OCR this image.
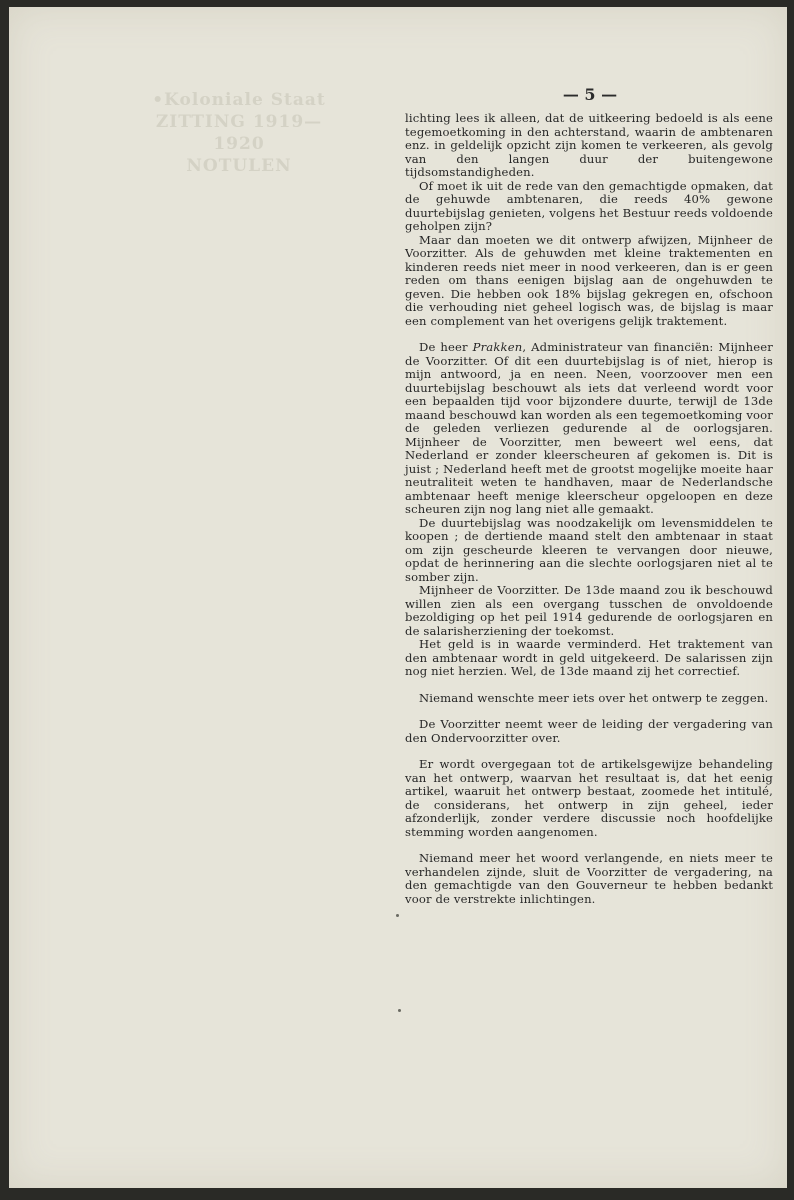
•Koloniale Staat
ZITTING 1919—1920
NOTULEN
— 5 —

lichting lees ik alleen, dat de uitkeering bedoeld is als eene tegemoetkoming in den achterstand, waarin de ambtenaren enz. in geldelijk opzicht zijn komen te verkeeren, als gevolg van den langen duur der buitengewone tijdsomstandigheden.

Of moet ik uit de rede van den gemachtigde opmaken, dat de gehuwde ambtenaren, die reeds 40% gewone duurtebijslag genieten, volgens het Bestuur reeds voldoende geholpen zijn?

Maar dan moeten we dit ontwerp afwijzen, Mijnheer de Voorzitter. Als de gehuwden met kleine traktementen en kinderen reeds niet meer in nood verkeeren, dan is er geen reden om thans eenigen bijslag aan de ongehuwden te geven. Die hebben ook 18% bijslag gekregen en, ofschoon die verhouding niet geheel logisch was, de bijslag is maar een complement van het overigens gelijk traktement.

De heer Prakken, Administrateur van financiën: Mijnheer de Voorzitter. Of dit een duurtebijslag is of niet, hierop is mijn antwoord, ja en neen. Neen, voorzoover men een duurtebijslag beschouwt als iets dat verleend wordt voor een bepaalden tijd voor bijzondere duurte, terwijl de 13de maand beschouwd kan worden als een tegemoetkoming voor de geleden verliezen gedurende al de oorlogsjaren. Mijnheer de Voorzitter, men beweert wel eens, dat Nederland er zonder kleerscheuren af gekomen is. Dit is juist ; Nederland heeft met de grootst mogelijke moeite haar neutraliteit weten te handhaven, maar de Nederlandsche ambtenaar heeft menige kleerscheur opgeloopen en deze scheuren zijn nog lang niet alle gemaakt.

De duurtebijslag was noodzakelijk om levensmiddelen te koopen ; de dertiende maand stelt den ambtenaar in staat om zijn gescheurde kleeren te vervangen door nieuwe, opdat de herinnering aan die slechte oorlogsjaren niet al te somber zijn.

Mijnheer de Voorzitter. De 13de maand zou ik beschouwd willen zien als een overgang tusschen de onvoldoende bezoldiging op het peil 1914 gedurende de oorlogsjaren en de salarisherziening der toekomst.

Het geld is in waarde verminderd. Het traktement van den ambtenaar wordt in geld uitgekeerd. De salarissen zijn nog niet herzien. Wel, de 13de maand zij het correctief.

Niemand wenschte meer iets over het ontwerp te zeggen.

De Voorzitter neemt weer de leiding der vergadering van den Ondervoorzitter over.

Er wordt overgegaan tot de artikelsgewijze behandeling van het ontwerp, waarvan het resultaat is, dat het eenig artikel, waaruit het ontwerp bestaat, zoomede het intitulé, de considerans, het ontwerp in zijn geheel, ieder afzonderlijk, zonder verdere discussie noch hoofdelijke stemming worden aangenomen.

Niemand meer het woord verlangende, en niets meer te verhandelen zijnde, sluit de Voorzitter de vergadering, na den gemachtigde van den Gouverneur te hebben bedankt voor de verstrekte inlichtingen.
